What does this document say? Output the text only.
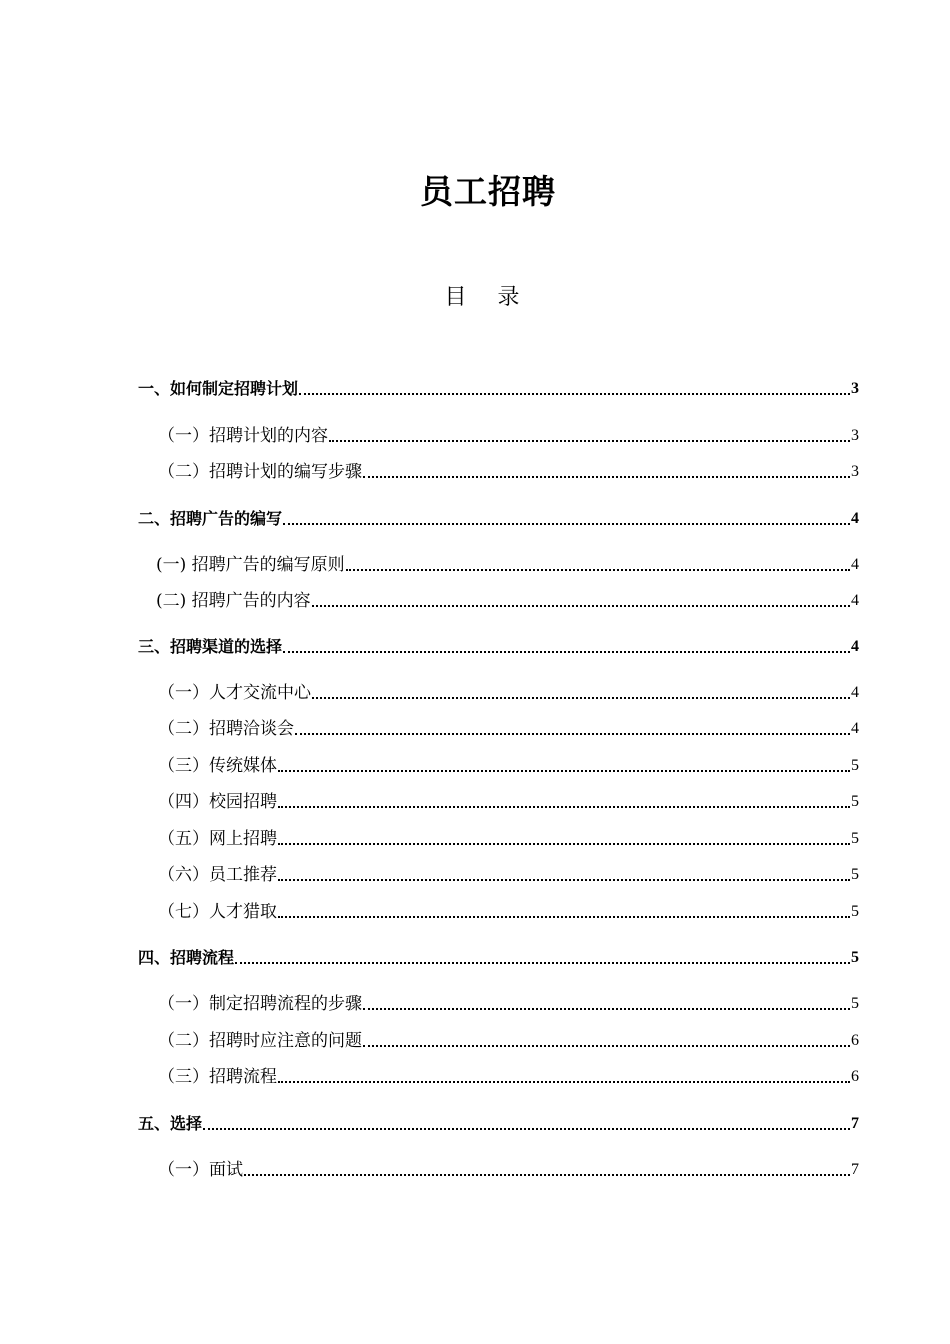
员工招聘
目 录
一、如何制定招聘计划	3
（一）招聘计划的内容	3
（二）招聘计划的编写步骤	3
二、招聘广告的编写	4
(一) 招聘广告的编写原则	4
(二) 招聘广告的内容	4
三、招聘渠道的选择	4
（一）人才交流中心	4
（二）招聘洽谈会	4
（三）传统媒体	5
（四）校园招聘	5
（五）网上招聘	5
（六）员工推荐	5
（七）人才猎取	5
四、招聘流程	5
（一）制定招聘流程的步骤	5
（二）招聘时应注意的问题	6
（三）招聘流程	6
五、选择	7
（一）面试	7
